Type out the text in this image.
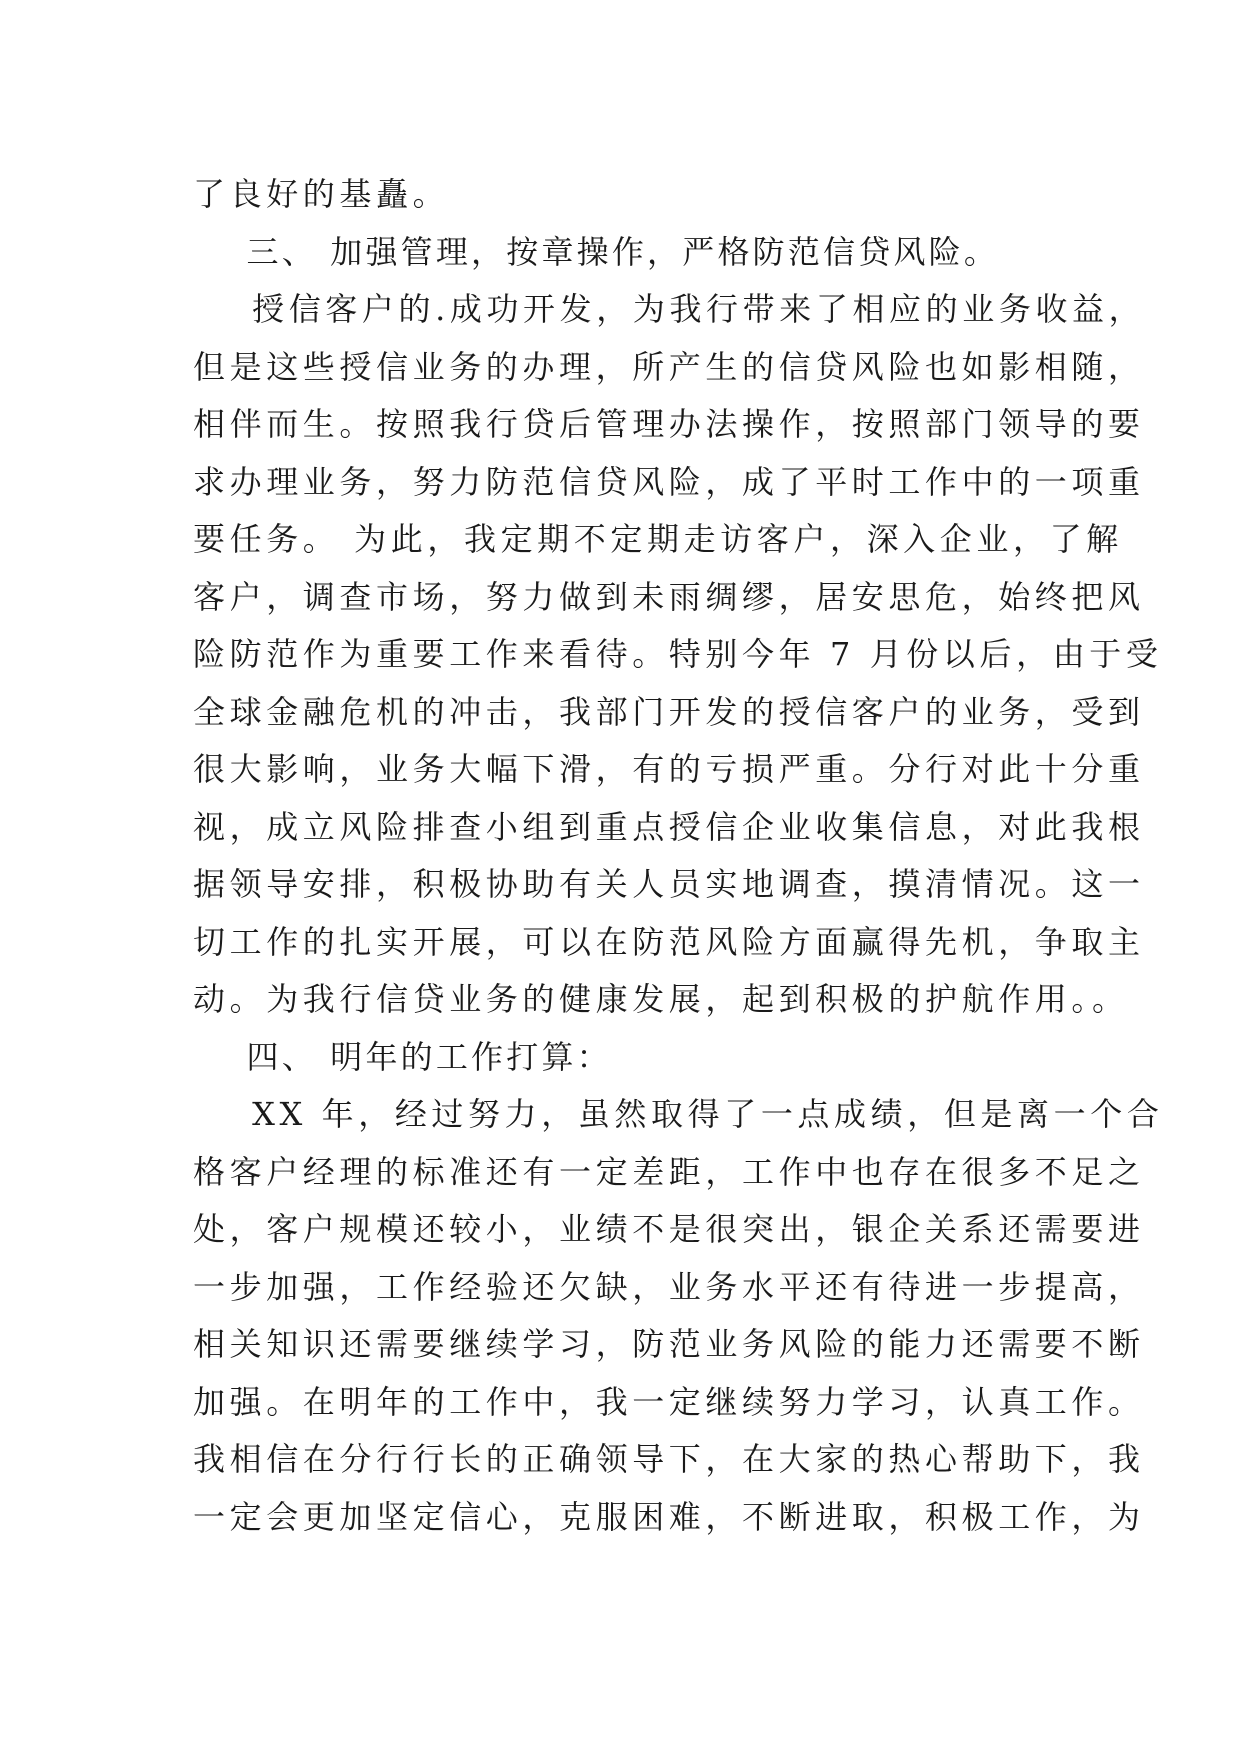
了良好的基矗。
三、 加强管理，按章操作，严格防范信贷风险。
授信客户的.成功开发，为我行带来了相应的业务收益，
但是这些授信业务的办理，所产生的信贷风险也如影相随，
相伴而生。按照我行贷后管理办法操作，按照部门领导的要
求办理业务，努力防范信贷风险，成了平时工作中的一项重
要任务。 为此，我定期不定期走访客户，深入企业，了解
客户，调查市场，努力做到未雨绸缪，居安思危，始终把风
险防范作为重要工作来看待。特别今年 7 月份以后，由于受
全球金融危机的冲击，我部门开发的授信客户的业务，受到
很大影响，业务大幅下滑，有的亏损严重。分行对此十分重
视，成立风险排查小组到重点授信企业收集信息，对此我根
据领导安排，积极协助有关人员实地调查，摸清情况。这一
切工作的扎实开展，可以在防范风险方面赢得先机，争取主
动。为我行信贷业务的健康发展，起到积极的护航作用。。
四、 明年的工作打算：
XX 年，经过努力，虽然取得了一点成绩，但是离一个合
格客户经理的标准还有一定差距，工作中也存在很多不足之
处，客户规模还较小，业绩不是很突出，银企关系还需要进
一步加强，工作经验还欠缺，业务水平还有待进一步提高，
相关知识还需要继续学习，防范业务风险的能力还需要不断
加强。在明年的工作中，我一定继续努力学习，认真工作。
我相信在分行行长的正确领导下，在大家的热心帮助下，我
一定会更加坚定信心，克服困难，不断进取，积极工作，为
